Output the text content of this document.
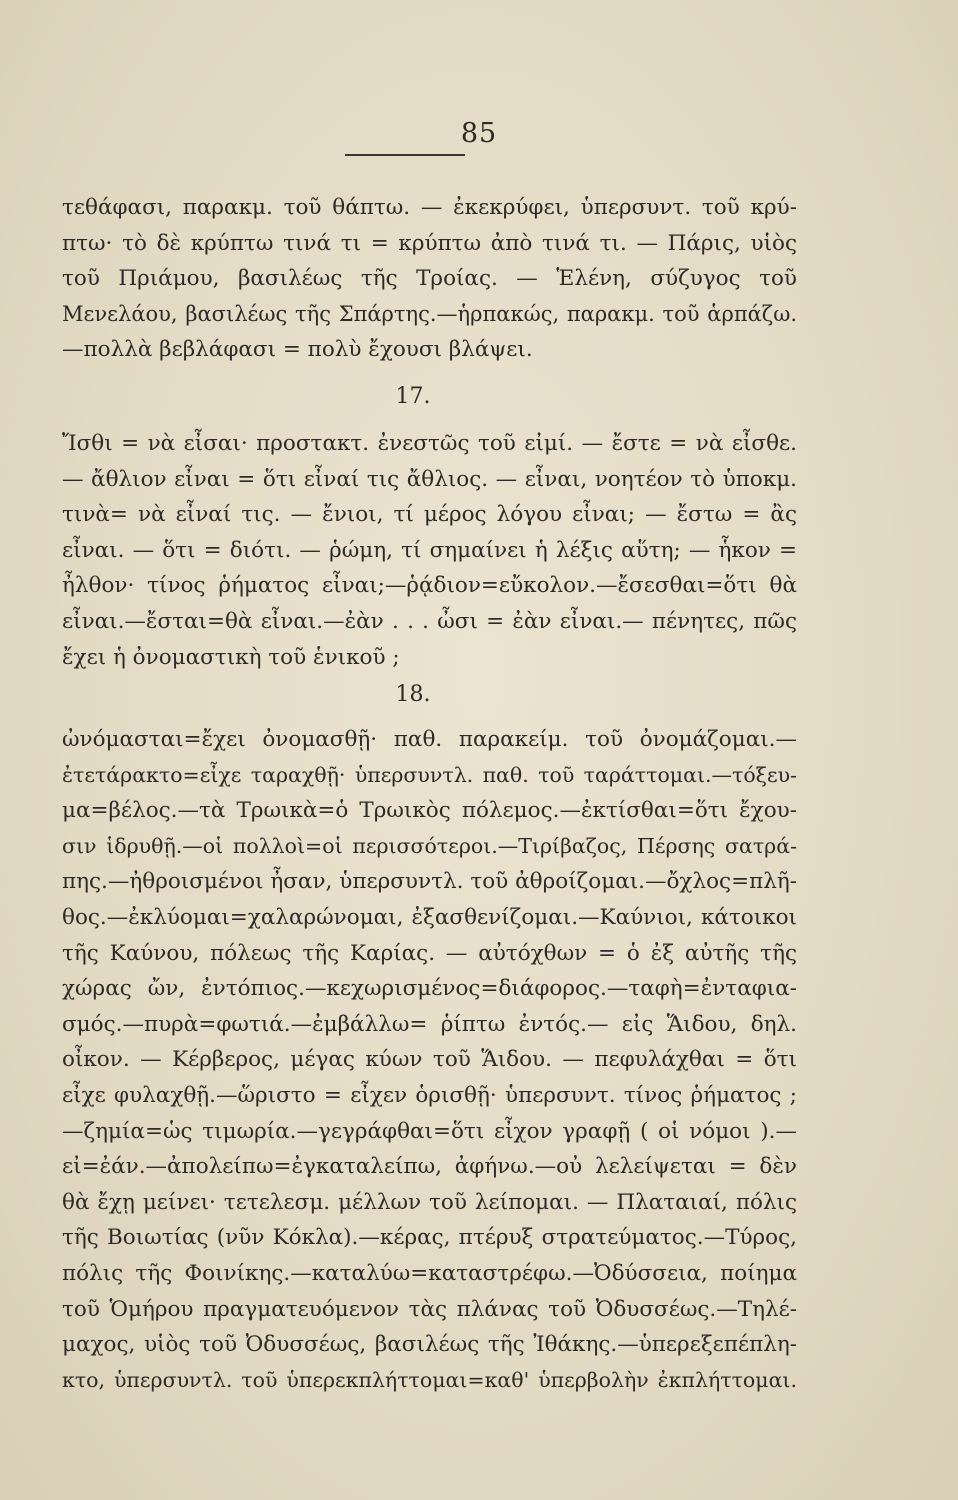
85
τεθάφασι, παρακμ. τοῦ θάπτω. — ἐκεκρύφει, ὑπερσυντ. τοῦ κρύ-
πτω· τὸ δὲ κρύπτω τινά τι = κρύπτω ἀπὸ τινά τι. — Πάρις, υἱὸς
τοῦ Πριάμου, βασιλέως τῆς Τροίας. — Ἑλένη, σύζυγος τοῦ
Μενελάου, βασιλέως τῆς Σπάρτης.—ἡρπακώς, παρακμ. τοῦ ἁρπάζω.
—πολλὰ βεβλάφασι = πολὺ ἔχουσι βλάψει.
17.
Ἴσθι = νὰ εἶσαι· προστακτ. ἐνεστῶς τοῦ εἰμί. — ἔστε = νὰ εἶσθε.
— ἄθλιον εἶναι = ὅτι εἶναί τις ἄθλιος. — εἶναι, νοητέον τὸ ὑποκμ.
τινὰ= νὰ εἶναί τις. — ἔνιοι, τί μέρος λόγου εἶναι; — ἔστω = ἂς
εἶναι. — ὅτι = διότι. — ῥώμη, τί σημαίνει ἡ λέξις αὕτη; — ἧκον =
ἦλθον· τίνος ῥήματος εἶναι;—ῥᾴδιον=εὔκολον.—ἔσεσθαι=ὅτι θὰ
εἶναι.—ἔσται=θὰ εἶναι.—ἐὰν . . . ὦσι = ἐὰν εἶναι.— πένητες, πῶς
ἔχει ἡ ὀνομαστικὴ τοῦ ἑνικοῦ ;
18.
ὠνόμασται=ἔχει ὀνομασθῇ· παθ. παρακείμ. τοῦ ὀνομάζομαι.—
ἐτετάρακτο=εἶχε ταραχθῇ· ὑπερσυντλ. παθ. τοῦ ταράττομαι.—τόξευ-
μα=βέλος.—τὰ Τρωικὰ=ὁ Τρωικὸς πόλεμος.—ἐκτίσθαι=ὅτι ἔχου-
σιν ἱδρυθῇ.—οἱ πολλοὶ=οἱ περισσότεροι.—Τιρίβαζος, Πέρσης σατρά-
πης.—ἠθροισμένοι ἦσαν, ὑπερσυντλ. τοῦ ἀθροίζομαι.—ὄχλος=πλῆ-
θος.—ἐκλύομαι=χαλαρώνομαι, ἐξασθενίζομαι.—Καύνιοι, κάτοικοι
τῆς Καύνου, πόλεως τῆς Καρίας. — αὐτόχθων = ὁ ἐξ αὐτῆς τῆς
χώρας ὤν, ἐντόπιος.—κεχωρισμένος=διάφορος.—ταφὴ=ἐνταφια-
σμός.—πυρὰ=φωτιά.—ἐμβάλλω= ῥίπτω ἐντός.— εἰς Ἅιδου, δηλ.
οἶκον. — Κέρβερος, μέγας κύων τοῦ Ἅιδου. — πεφυλάχθαι = ὅτι
εἶχε φυλαχθῇ.—ὥριστο = εἶχεν ὁρισθῇ· ὑπερσυντ. τίνος ῥήματος ;
—ζημία=ὡς τιμωρία.—γεγράφθαι=ὅτι εἶχον γραφῇ ( οἱ νόμοι ).—
εἰ=ἐάν.—ἀπολείπω=ἐγκαταλείπω, ἀφήνω.—οὐ λελείψεται = δὲν
θὰ ἔχῃ μείνει· τετελεσμ. μέλλων τοῦ λείπομαι. — Πλαταιαί, πόλις
τῆς Βοιωτίας (νῦν Κόκλα).—κέρας, πτέρυξ στρατεύματος.—Τύρος,
πόλις τῆς Φοινίκης.—καταλύω=καταστρέφω.—Ὀδύσσεια, ποίημα
τοῦ Ὁμήρου πραγματευόμενον τὰς πλάνας τοῦ Ὀδυσσέως.—Τηλέ-
μαχος, υἱὸς τοῦ Ὀδυσσέως, βασιλέως τῆς Ἰθάκης.—ὑπερεξεπέπλη-
κτο, ὑπερσυντλ. τοῦ ὑπερεκπλήττομαι=καθ' ὑπερβολὴν ἐκπλήττομαι.
